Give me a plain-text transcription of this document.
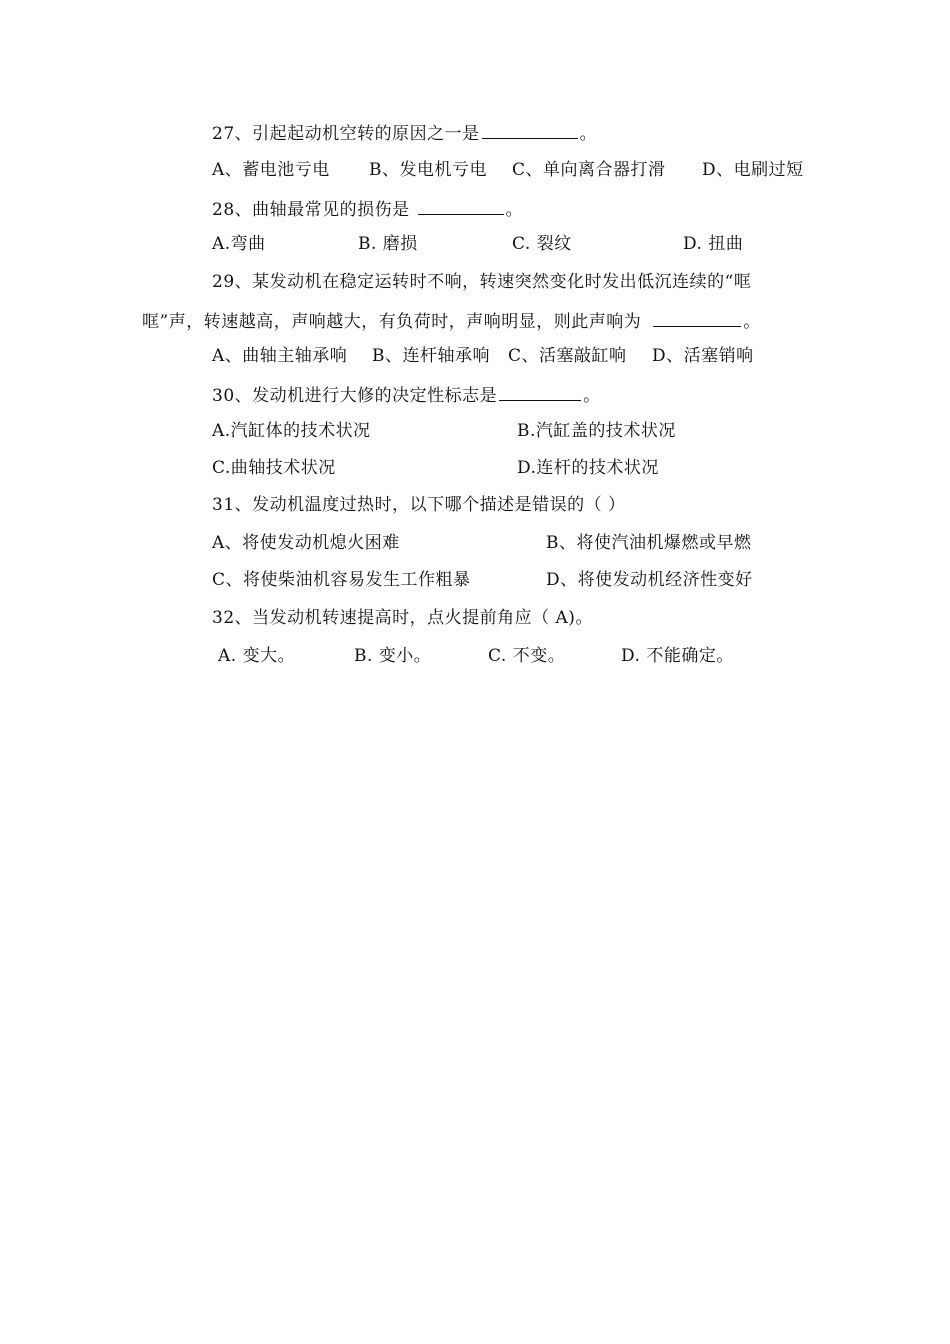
27、引起起动机空转的原因之一是	。
A、蓄电池亏电 B、发电机亏电 C、单向离合器打滑 D、电刷过短
28、曲轴最常见的损伤是	。
A.弯曲	B. 磨损	C. 裂纹	D. 扭曲
29、某发动机在稳定运转时不响，转速突然变化时发出低沉连续的“哐
哐”声，转速越高，声响越大，有负荷时，声响明显，则此声响为	。
A、曲轴主轴承响 B、连杆轴承响 C、活塞敲缸响 D、活塞销响
30、发动机进行大修的决定性标志是	。
A.汽缸体的技术状况	B.汽缸盖的技术状况
C.曲轴技术状况	D.连杆的技术状况
31、发动机温度过热时，以下哪个描述是错误的（ ）
A、将使发动机熄火困难	B、将使汽油机爆燃或早燃
C、将使柴油机容易发生工作粗暴	D、将使发动机经济性变好
32、当发动机转速提高时，点火提前角应（ A)。
A. 变大。	B. 变小。	C. 不变。	D. 不能确定。
